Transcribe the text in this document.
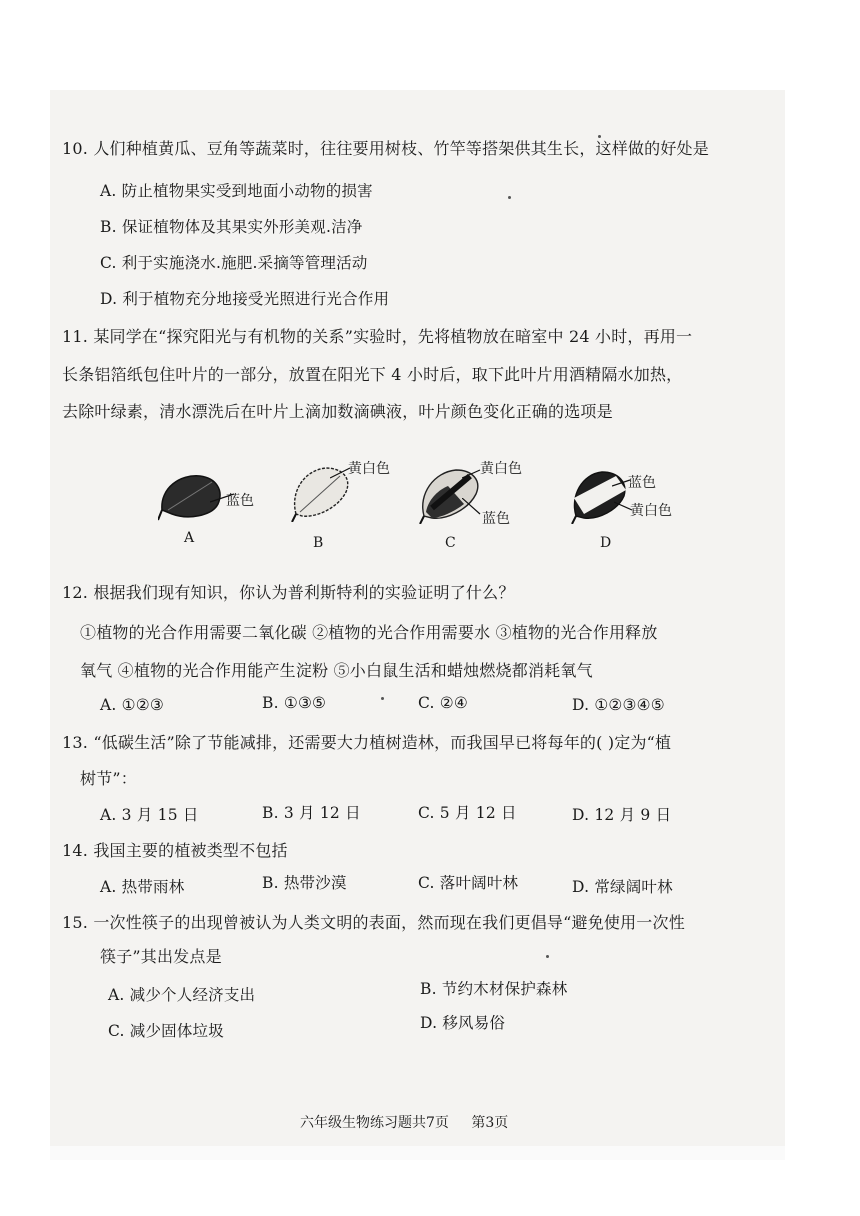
10. 人们种植黄瓜、豆角等蔬菜时，往往要用树枝、竹竿等搭架供其生长，这样做的好处是
A. 防止植物果实受到地面小动物的损害
B. 保证植物体及其果实外形美观.洁净
C. 利于实施浇水.施肥.采摘等管理活动
D. 利于植物充分地接受光照进行光合作用
11. 某同学在“探究阳光与有机物的关系”实验时，先将植物放在暗室中 24 小时，再用一
长条铝箔纸包住叶片的一部分，放置在阳光下 4 小时后，取下此叶片用酒精隔水加热，
去除叶绿素，清水漂洗后在叶片上滴加数滴碘液，叶片颜色变化正确的选项是
蓝色
A
黄白色
B
黄白色
蓝色
C
蓝色
黄白色
D
12. 根据我们现有知识，你认为普利斯特利的实验证明了什么？
①植物的光合作用需要二氧化碳 ②植物的光合作用需要水 ③植物的光合作用释放
氧气 ④植物的光合作用能产生淀粉 ⑤小白鼠生活和蜡烛燃烧都消耗氧气
A. ①②③	B. ①③⑤	C. ②④	D. ①②③④⑤
13. “低碳生活”除了节能减排，还需要大力植树造林，而我国早已将每年的( )定为“植
树节”：
A. 3 月 15 日	B. 3 月 12 日	C. 5 月 12 日	D. 12 月 9 日
14. 我国主要的植被类型不包括
A. 热带雨林	B. 热带沙漠	C. 落叶阔叶林	D. 常绿阔叶林
15. 一次性筷子的出现曾被认为人类文明的表面，然而现在我们更倡导“避免使用一次性
筷子”其出发点是
A. 减少个人经济支出	B. 节约木材保护森林
C. 减少固体垃圾	D. 移风易俗
六年级生物练习题共7页 第3页
